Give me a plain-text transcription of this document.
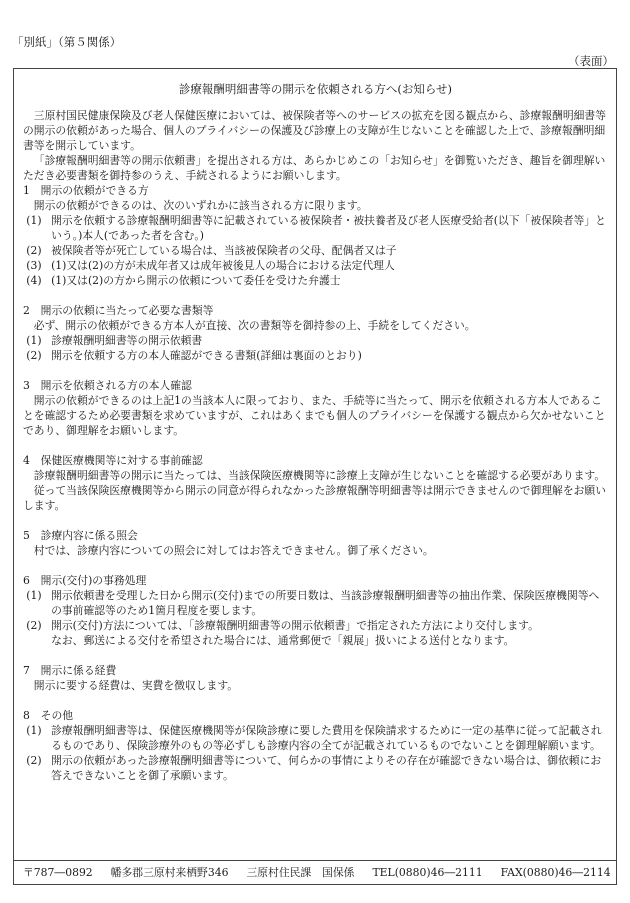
「別紙」（第５関係）
（表面）
診療報酬明細書等の開示を依頼される方へ(お知らせ)

三原村国民健康保険及び老人保健医療においては、被保険者等へのサービスの拡充を図る観点から、診療報酬明細書等の開示の依頼があった場合、個人のプライバシーの保護及び診療上の支障が生じないことを確認した上で、診療報酬明細書等を開示しています。

「診療報酬明細書等の開示依頼書」を提出される方は、あらかじめこの「お知らせ」を御覧いただき、趣旨を御理解いただき必要書類を御持参のうえ、手続されるようにお願いします。

1　開示の依頼ができる方

開示の依頼ができるのは、次のいずれかに該当される方に限ります。

(1) 開示を依頼する診療報酬明細書等に記載されている被保険者・被扶養者及び老人医療受給者(以下「被保険者等」という。)本人(であった者を含む。)
(2) 被保険者等が死亡している場合は、当該被保険者の父母、配偶者又は子
(3) (1)又は(2)の方が未成年者又は成年被後見人の場合における法定代理人
(4) (1)又は(2)の方から開示の依頼について委任を受けた弁護士

2　開示の依頼に当たって必要な書類等

必ず、開示の依頼ができる方本人が直接、次の書類等を御持参の上、手続をしてください。

(1) 診療報酬明細書等の開示依頼書
(2) 開示を依頼する方の本人確認ができる書類(詳細は裏面のとおり)

3　開示を依頼される方の本人確認

開示の依頼ができるのは上記1の当該本人に限っており、また、手続等に当たって、開示を依頼される方本人であることを確認するため必要書類を求めていますが、これはあくまでも個人のプライバシーを保護する観点から欠かせないことであり、御理解をお願いします。

4　保健医療機関等に対する事前確認

診療報酬明細書等の開示に当たっては、当該保険医療機関等に診療上支障が生じないことを確認する必要があります。

従って当該保険医療機関等から開示の同意が得られなかった診療報酬等明細書等は開示できませんので御理解をお願いします。

5　診療内容に係る照会

村では、診療内容についての照会に対してはお答えできません。御了承ください。

6　開示(交付)の事務処理

(1) 開示依頼書を受理した日から開示(交付)までの所要日数は、当該診療報酬明細書等の抽出作業、保険医療機関等への事前確認等のため1箇月程度を要します。
(2) 開示(交付)方法については、「診療報酬明細書等の開示依頼書」で指定された方法により交付します。

なお、郵送による交付を希望された場合には、通常郵便で「親展」扱いによる送付となります。

7　開示に係る経費

開示に要する経費は、実費を徴収します。

8　その他

(1) 診療報酬明細書等は、保健医療機関等が保険診療に要した費用を保険請求するために一定の基準に従って記載されるものであり、保険診療外のもの等必ずしも診療内容の全てが記載されているものでないことを御理解願います。
(2) 開示の依頼があった診療報酬明細書等について、何らかの事情によりその存在が確認できない場合は、御依頼にお答えできないことを御了承願います。
〒787―0892 幡多郡三原村来栖野346 三原村住民課　国保係 TEL(0880)46―2111 FAX(0880)46―2114
